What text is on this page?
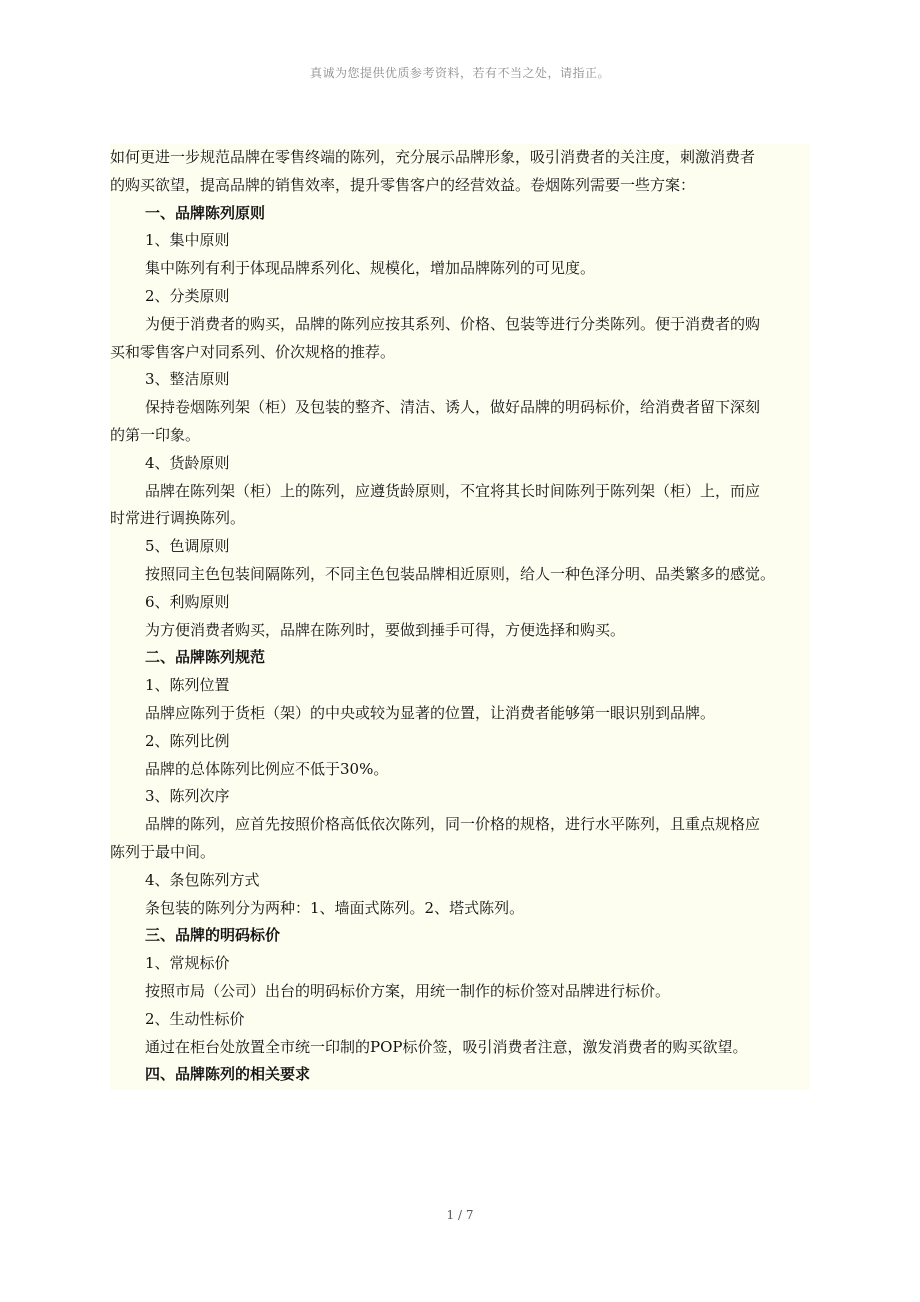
真诚为您提供优质参考资料，若有不当之处，请指正。
如何更进一步规范品牌在零售终端的陈列，充分展示品牌形象，吸引消费者的关注度，刺激消费者
的购买欲望，提高品牌的销售效率，提升零售客户的经营效益。卷烟陈列需要一些方案：
一、品牌陈列原则
1、集中原则
集中陈列有利于体现品牌系列化、规模化，增加品牌陈列的可见度。
2、分类原则
为便于消费者的购买，品牌的陈列应按其系列、价格、包装等进行分类陈列。便于消费者的购
买和零售客户对同系列、价次规格的推荐。
3、整洁原则
保持卷烟陈列架（柜）及包装的整齐、清洁、诱人，做好品牌的明码标价，给消费者留下深刻
的第一印象。
4、货龄原则
品牌在陈列架（柜）上的陈列，应遵货龄原则，不宜将其长时间陈列于陈列架（柜）上，而应
时常进行调换陈列。
5、色调原则
按照同主色包装间隔陈列，不同主色包装品牌相近原则，给人一种色泽分明、品类繁多的感觉。
6、利购原则
为方便消费者购买，品牌在陈列时，要做到捶手可得，方便选择和购买。
二、品牌陈列规范
1、陈列位置
品牌应陈列于货柜（架）的中央或较为显著的位置，让消费者能够第一眼识别到品牌。
2、陈列比例
品牌的总体陈列比例应不低于30%。
3、陈列次序
品牌的陈列，应首先按照价格高低依次陈列，同一价格的规格，进行水平陈列，且重点规格应
陈列于最中间。
4、条包陈列方式
条包装的陈列分为两种：1、墙面式陈列。2、塔式陈列。
三、品牌的明码标价
1、常规标价
按照市局（公司）出台的明码标价方案，用统一制作的标价签对品牌进行标价。
2、生动性标价
通过在柜台处放置全市统一印制的POP标价签，吸引消费者注意，激发消费者的购买欲望。
四、品牌陈列的相关要求
1 / 7
